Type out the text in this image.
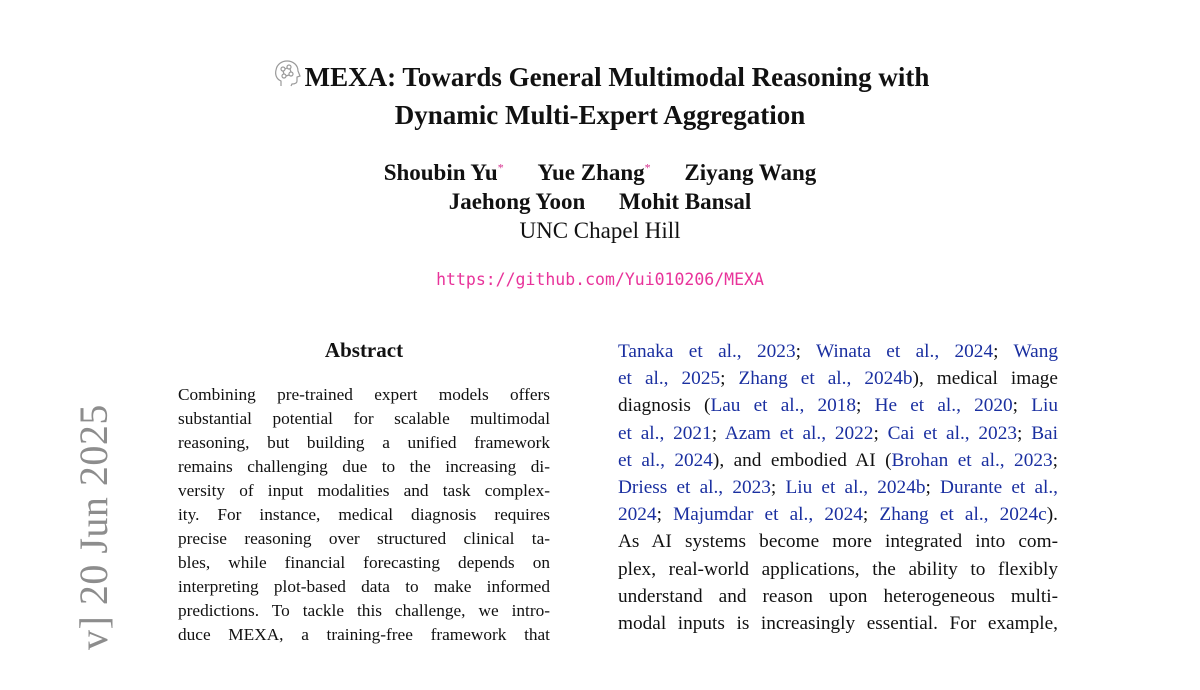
v] 20 Jun 2025
MEXA: Towards General Multimodal Reasoning with
Dynamic Multi-Expert Aggregation
Shoubin Yu* Yue Zhang* Ziyang Wang
Jaehong Yoon Mohit Bansal
UNC Chapel Hill
https://github.com/Yui010206/MEXA
Abstract
Combining pre-trained expert models offers
substantial potential for scalable multimodal
reasoning, but building a unified framework
remains challenging due to the increasing di-
versity of input modalities and task complex-
ity. For instance, medical diagnosis requires
precise reasoning over structured clinical ta-
bles, while financial forecasting depends on
interpreting plot-based data to make informed
predictions. To tackle this challenge, we intro-
duce MEXA, a training-free framework that
Tanaka et al., 2023; Winata et al., 2024; Wang
et al., 2025; Zhang et al., 2024b), medical image
diagnosis (Lau et al., 2018; He et al., 2020; Liu
et al., 2021; Azam et al., 2022; Cai et al., 2023; Bai
et al., 2024), and embodied AI (Brohan et al., 2023;
Driess et al., 2023; Liu et al., 2024b; Durante et al.,
2024; Majumdar et al., 2024; Zhang et al., 2024c).
As AI systems become more integrated into com-
plex, real-world applications, the ability to flexibly
understand and reason upon heterogeneous multi-
modal inputs is increasingly essential. For example,
